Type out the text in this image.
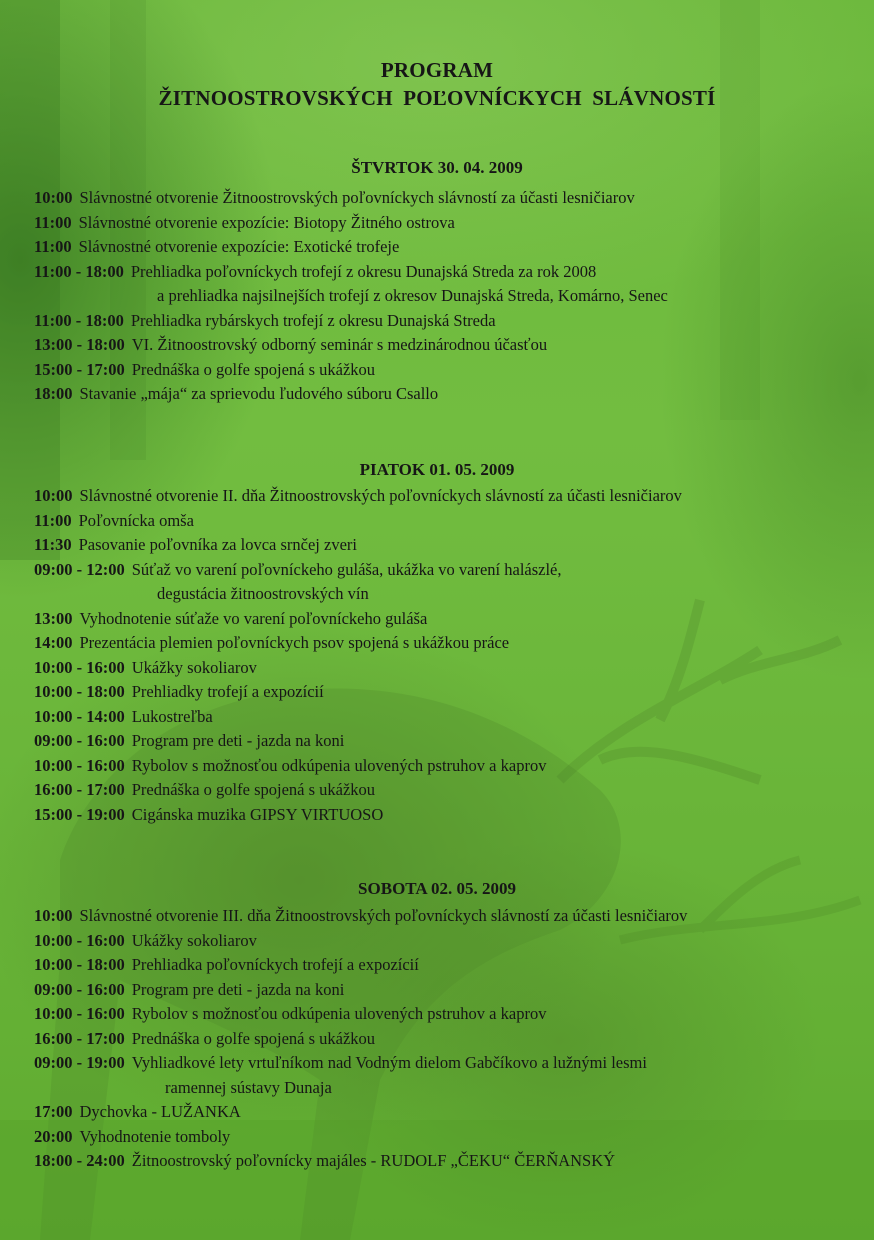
PROGRAM
ŽITNOOSTROVSKÝCH POĽOVNÍCKYCH SLÁVNOSTÍ
ŠTVRTOK 30. 04. 2009
10:00 Slávnostné otvorenie Žitnoostrovských poľovníckych slávností za účasti lesničiarov
11:00 Slávnostné otvorenie expozície: Biotopy Žitného ostrova
11:00 Slávnostné otvorenie expozície: Exotické trofeje
11:00 - 18:00 Prehliadka poľovníckych trofejí z okresu Dunajská Streda za rok 2008
a prehliadka najsilnejších trofejí z okresov Dunajská Streda, Komárno, Senec
11:00 - 18:00 Prehliadka rybárskych trofejí z okresu Dunajská Streda
13:00 - 18:00 VI. Žitnoostrovský odborný seminár s medzinárodnou účasťou
15:00 - 17:00 Prednáška o golfe spojená s ukážkou
18:00 Stavanie „mája“ za sprievodu ľudového súboru Csallo
PIATOK 01. 05. 2009
10:00 Slávnostné otvorenie II. dňa Žitnoostrovských poľovníckych slávností za účasti lesničiarov
11:00 Poľovnícka omša
11:30 Pasovanie poľovníka za lovca srnčej zveri
09:00 - 12:00 Súťaž vo varení poľovníckeho guláša, ukážka vo varení halászlé,
degustácia žitnoostrovských vín
13:00 Vyhodnotenie súťaže vo varení poľovníckeho guláša
14:00 Prezentácia plemien poľovníckych psov spojená s ukážkou práce
10:00 - 16:00 Ukážky sokoliarov
10:00 - 18:00 Prehliadky trofejí a expozícií
10:00 - 14:00 Lukostreľba
09:00 - 16:00 Program pre deti - jazda na koni
10:00 - 16:00 Rybolov s možnosťou odkúpenia ulovených pstruhov a kaprov
16:00 - 17:00 Prednáška o golfe spojená s ukážkou
15:00 - 19:00 Cigánska muzika GIPSY VIRTUOSO
SOBOTA 02. 05. 2009
10:00 Slávnostné otvorenie III. dňa Žitnoostrovských poľovníckych slávností za účasti lesničiarov
10:00 - 16:00 Ukážky sokoliarov
10:00 - 18:00 Prehliadka poľovníckych trofejí a expozícií
09:00 - 16:00 Program pre deti - jazda na koni
10:00 - 16:00 Rybolov s možnosťou odkúpenia ulovených pstruhov a kaprov
16:00 - 17:00 Prednáška o golfe spojená s ukážkou
09:00 - 19:00 Vyhliadkové lety vrtuľníkom nad Vodným dielom Gabčíkovo a lužnými lesmi
ramennej sústavy Dunaja
17:00 Dychovka - LUŽANKA
20:00 Vyhodnotenie tomboly
18:00 - 24:00 Žitnoostrovský poľovnícky majáles - RUDOLF „ČEKU“ ČERŇANSKÝ
